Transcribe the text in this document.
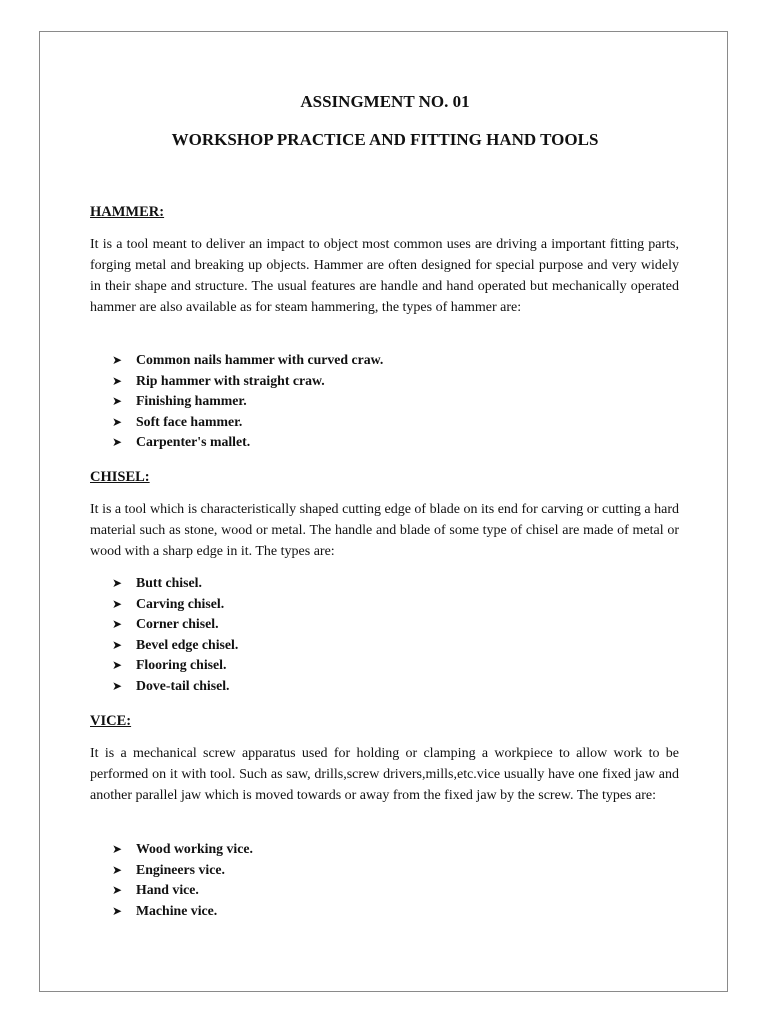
ASSINGMENT NO. 01
WORKSHOP PRACTICE AND FITTING HAND TOOLS
HAMMER:

It is a tool meant to deliver an impact to object most common uses are driving a important fitting parts, forging metal and breaking up objects. Hammer are often designed for special purpose and very widely in their shape and structure. The usual features are handle and hand operated but mechanically operated hammer are also available as for steam hammering, the types of hammer are:

➤	Common nails hammer with curved craw.
➤	Rip hammer with straight craw.
➤	Finishing hammer.
➤	Soft face hammer.
➤	Carpenter's mallet.
CHISEL:

It is a tool which is characteristically shaped cutting edge of blade on its end for carving or cutting a hard material such as stone, wood or metal. The handle and blade of some type of chisel are made of metal or wood with a sharp edge in it. The types are:

➤	Butt chisel.
➤	Carving chisel.
➤	Corner chisel.
➤	Bevel edge chisel.
➤	Flooring chisel.
➤	Dove-tail chisel.
VICE:

It is a mechanical screw apparatus used for holding or clamping a workpiece to allow work to be performed on it with tool. Such as saw, drills,screw drivers,mills,etc.vice usually have one fixed jaw and another parallel jaw which is moved towards or away from the fixed jaw by the screw. The types are:

➤	Wood working vice.
➤	Engineers vice.
➤	Hand vice.
➤	Machine vice.
